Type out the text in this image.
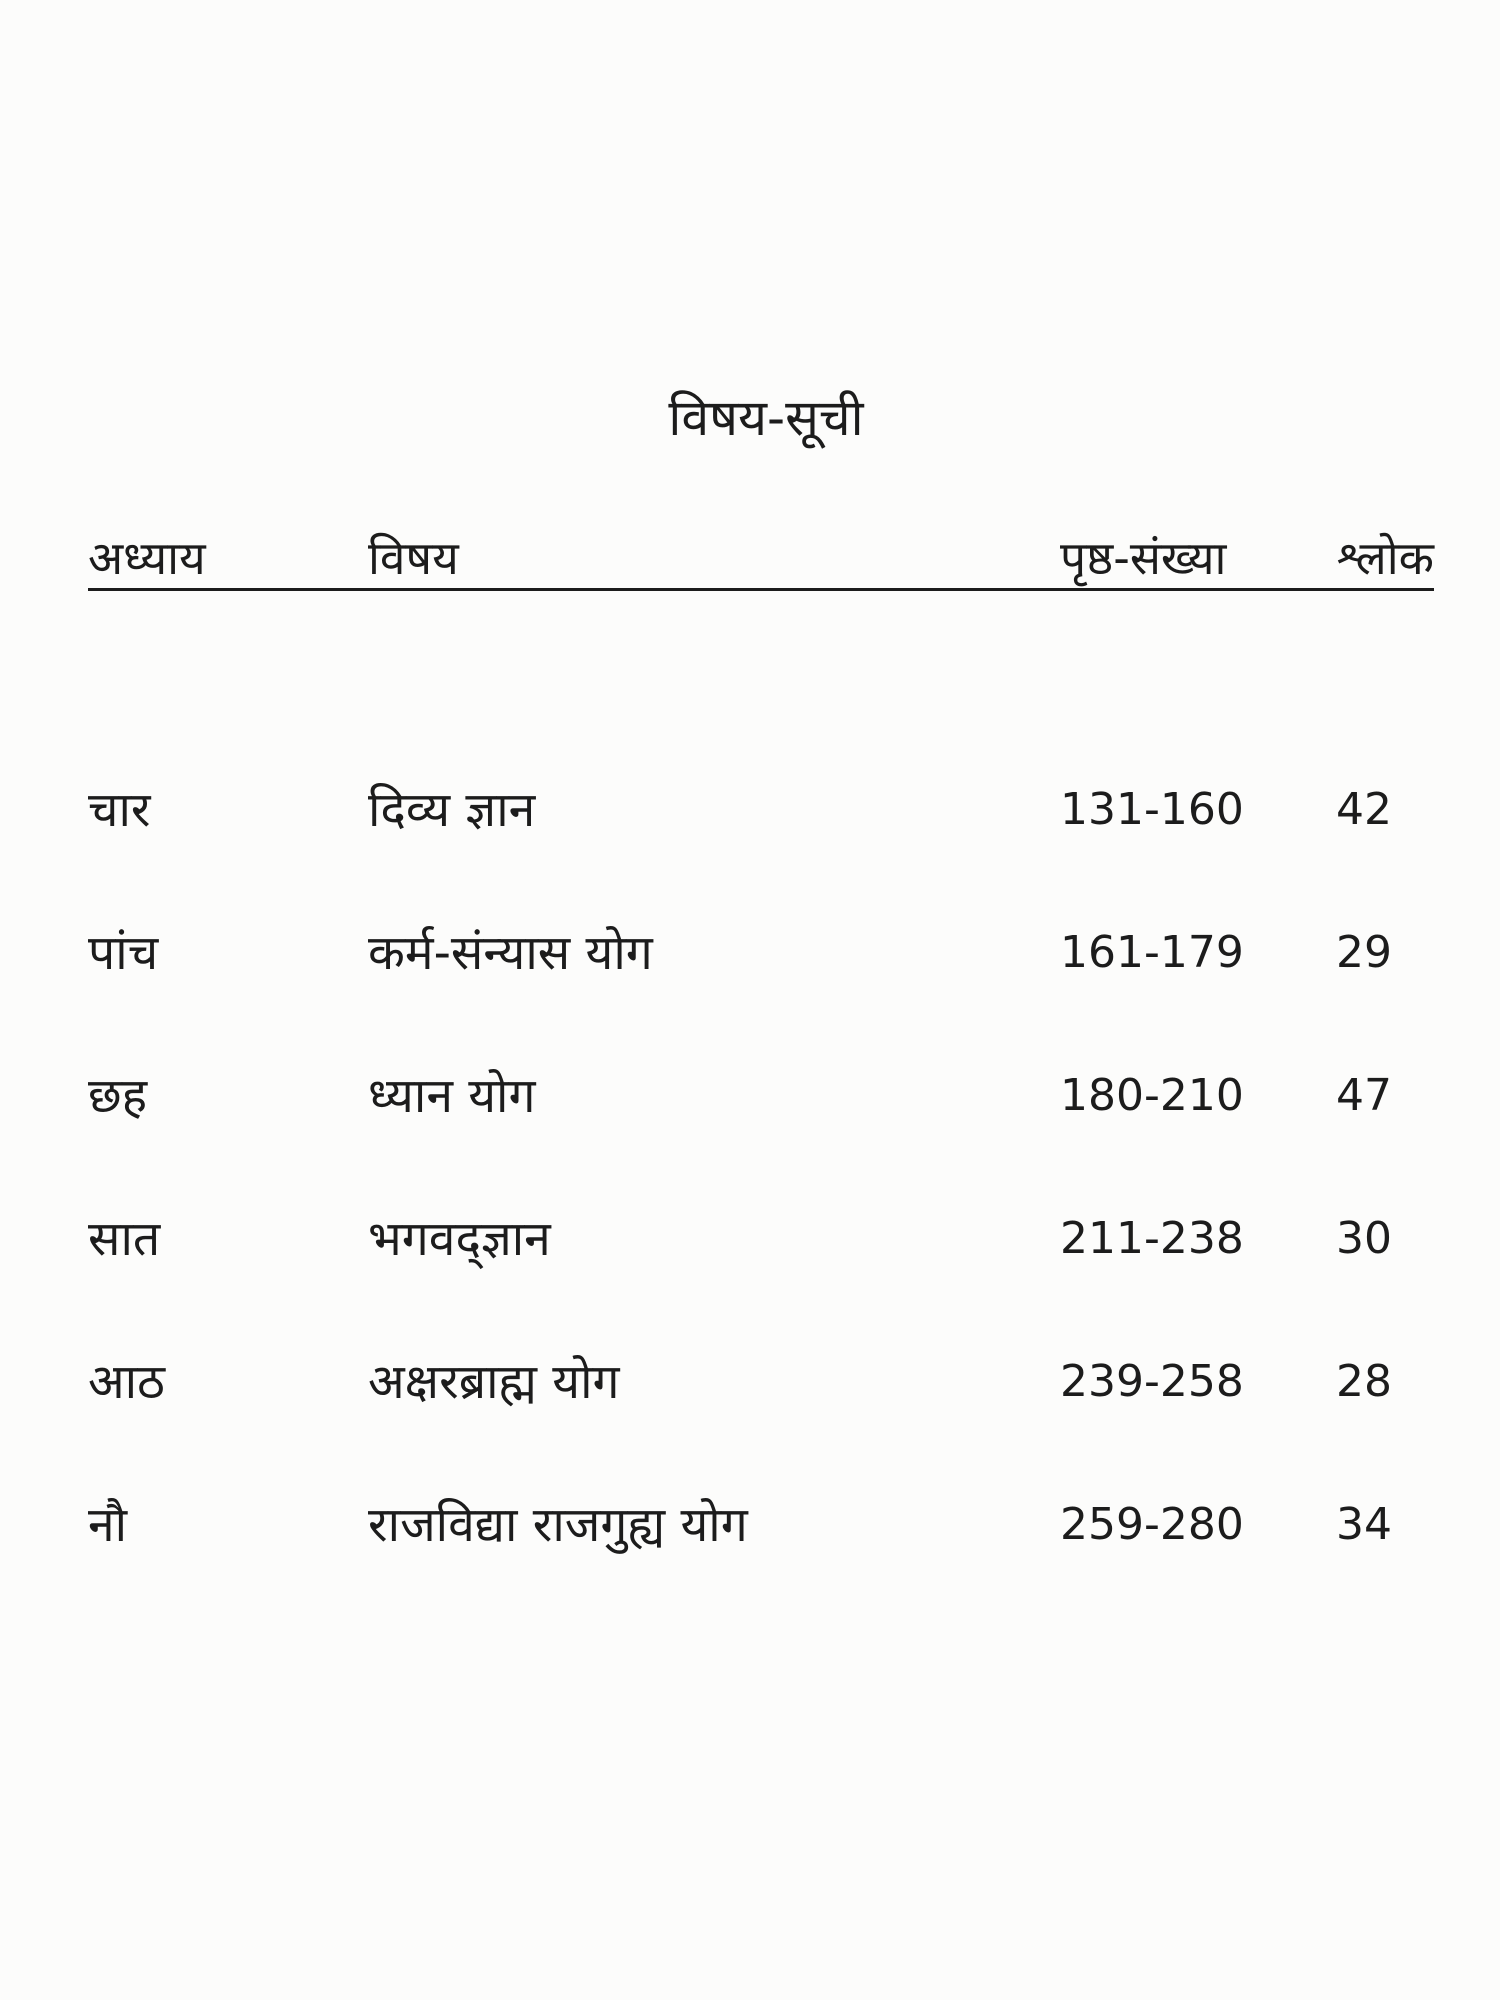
विषय-सूची
अध्याय	विषय	पृष्ठ-संख्या श्लोक
चार	दिव्य ज्ञान	131-160 42
पांच	कर्म-संन्यास योग	161-179 29
छह	ध्यान योग	180-210 47
सात	भगवद्ज्ञान	211-238 30
आठ	अक्षरब्राह्म योग	239-258 28
नौ	राजविद्या राजगुह्य योग	259-280 34
